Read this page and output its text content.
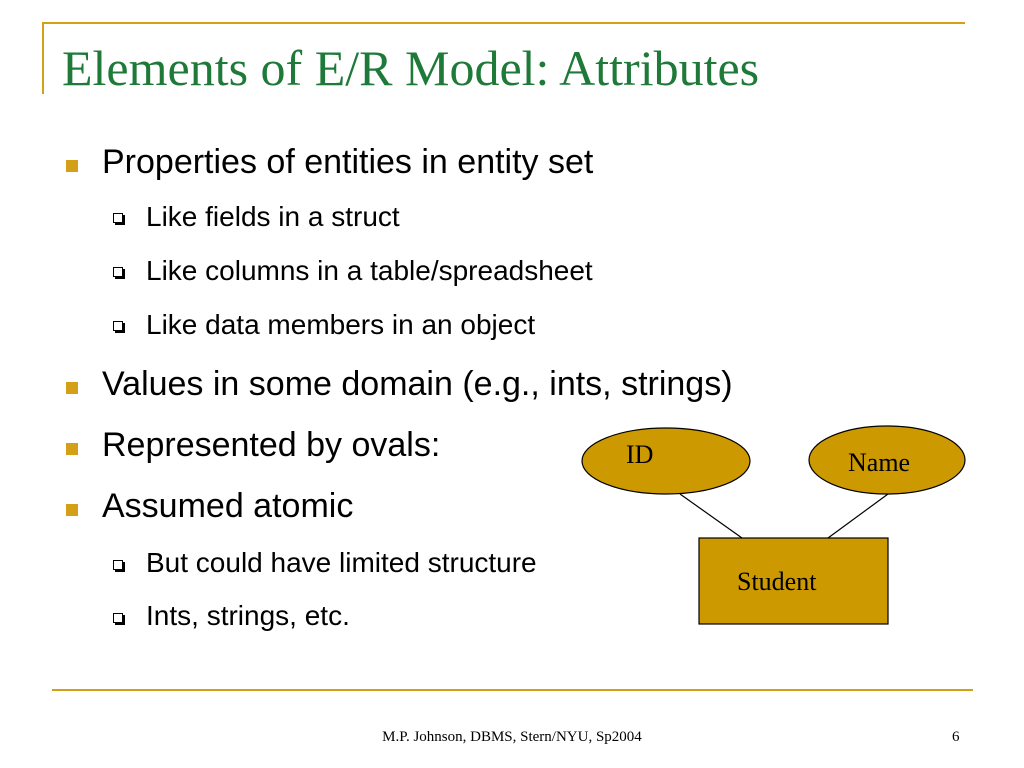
Elements of E/R Model: Attributes
Properties of entities in entity set
Like fields in a struct
Like columns in a table/spreadsheet
Like data members in an object
Values in some domain (e.g., ints, strings)
Represented by ovals:
Assumed atomic
But could have limited structure
Ints, strings, etc.
ID	Name
Student
M.P. Johnson, DBMS, Stern/NYU, Sp2004	6
